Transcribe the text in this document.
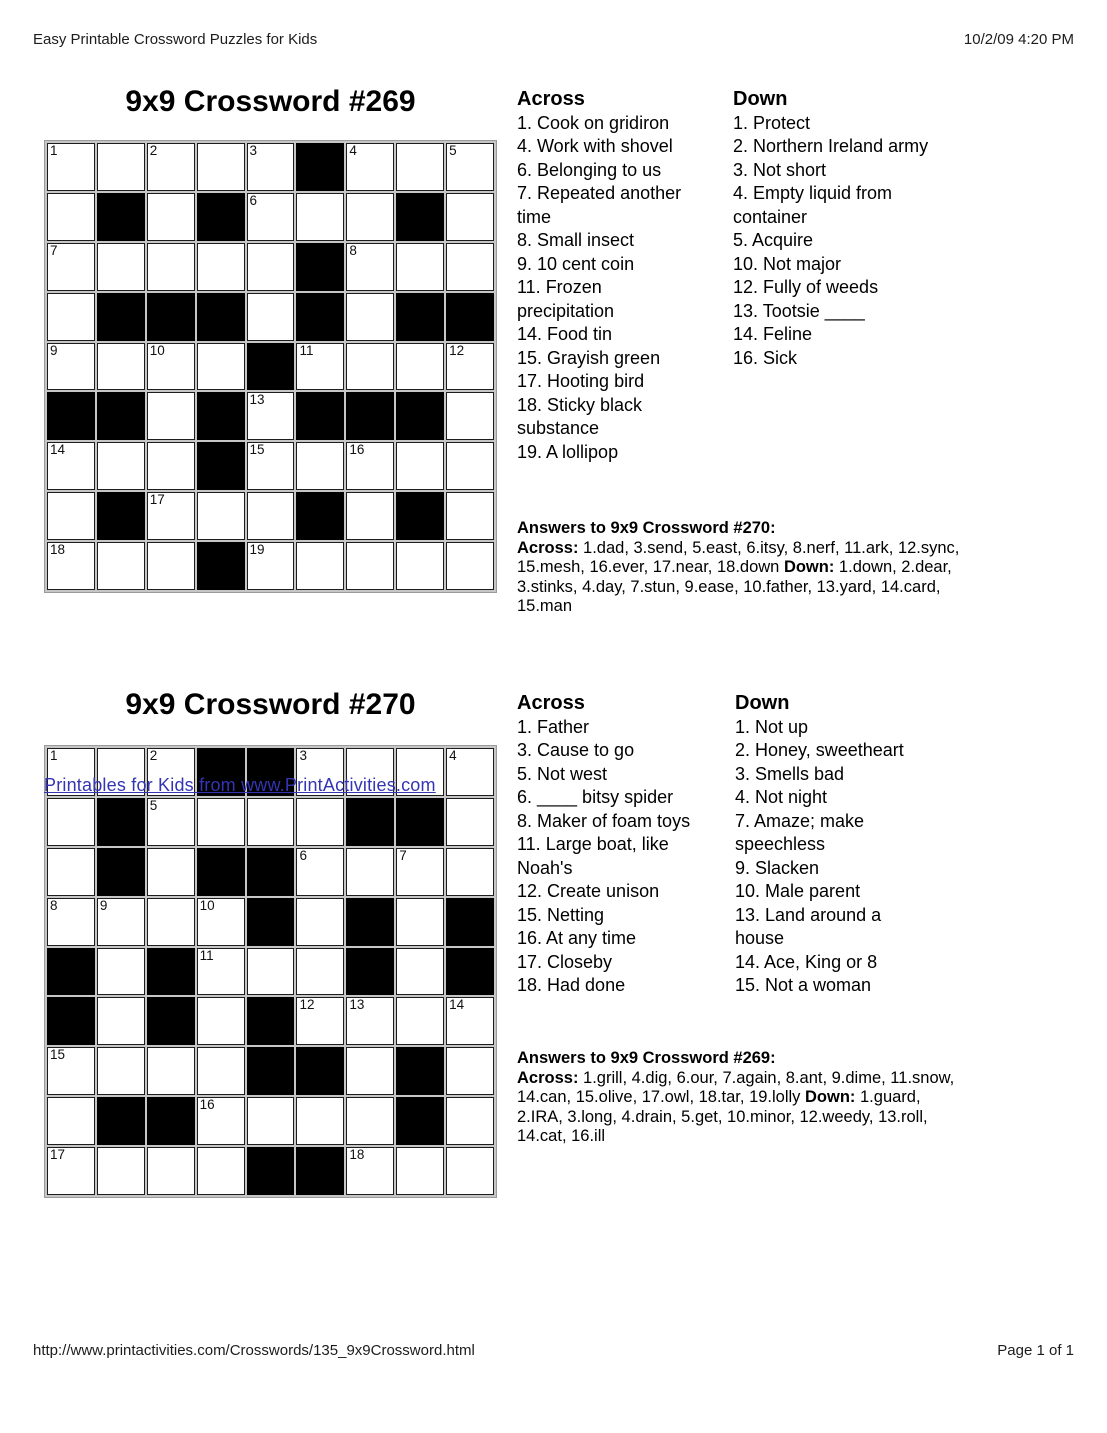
Easy Printable Crossword Puzzles for Kids	10/2/09 4:20 PM
9x9 Crossword #269
1	2	3	4	5
6
7	8
9	10	11	12
13
14	15	16
17
18	19
Across
1. Cook on gridiron
4. Work with shovel
6. Belonging to us
7. Repeated another time
8. Small insect
9. 10 cent coin
11. Frozen precipitation
14. Food tin
15. Grayish green
17. Hooting bird
18. Sticky black substance
19. A lollipop
Down
1. Protect
2. Northern Ireland army
3. Not short
4. Empty liquid from container
5. Acquire
10. Not major
12. Fully of weeds
13. Tootsie ____
14. Feline
16. Sick
Answers to 9x9 Crossword #270:
Across: 1.dad, 3.send, 5.east, 6.itsy, 8.nerf, 11.ark, 12.sync, 15.mesh, 16.ever, 17.near, 18.down Down: 1.down, 2.dear, 3.stinks, 4.day, 7.stun, 9.ease, 10.father, 13.yard, 14.card, 15.man
9x9 Crossword #270
1	2	3	4
5
6	7
8	9	10
11
12	13	14
15
16
17	18
Printables for Kids from www.PrintActivities.com
Across
1. Father
3. Cause to go
5. Not west
6. ____ bitsy spider
8. Maker of foam toys
11. Large boat, like Noah's
12. Create unison
15. Netting
16. At any time
17. Closeby
18. Had done
Down
1. Not up
2. Honey, sweetheart
3. Smells bad
4. Not night
7. Amaze; make speechless
9. Slacken
10. Male parent
13. Land around a house
14. Ace, King or 8
15. Not a woman
Answers to 9x9 Crossword #269:
Across: 1.grill, 4.dig, 6.our, 7.again, 8.ant, 9.dime, 11.snow, 14.can, 15.olive, 17.owl, 18.tar, 19.lolly Down: 1.guard, 2.IRA, 3.long, 4.drain, 5.get, 10.minor, 12.weedy, 13.roll, 14.cat, 16.ill
http://www.printactivities.com/Crosswords/135_9x9Crossword.html	Page 1 of 1
